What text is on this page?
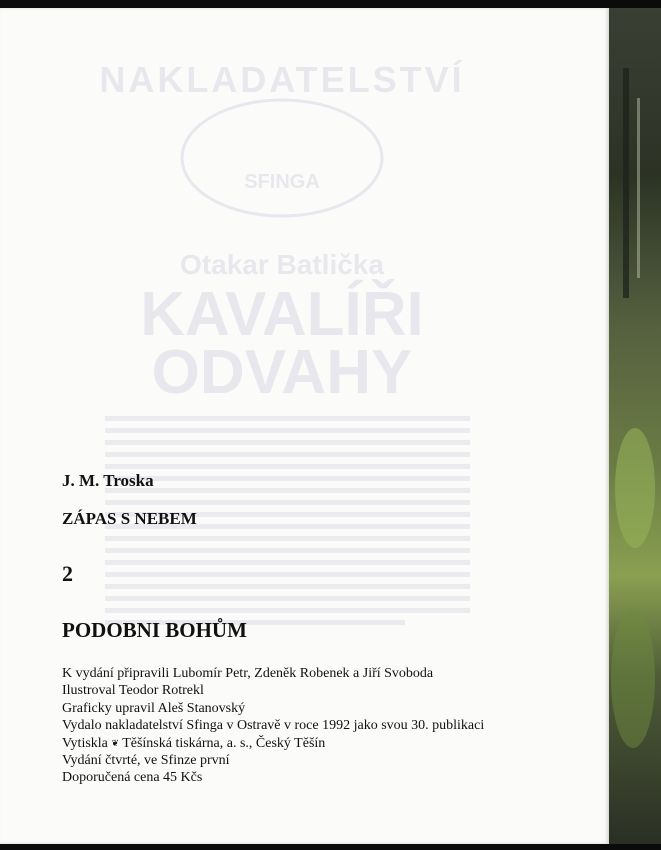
NAKLADATELSTVÍ
SFINGA
Otakar Batlička
KAVALÍŘI
ODVAHY
J. M. Troska
ZÁPAS S NEBEM
2
PODOBNI BOHŮM
K vydání připravili Lubomír Petr, Zdeněk Robenek a Jiří Svoboda
Ilustroval Teodor Rotrekl
Graficky upravil Aleš Stanovský
Vydalo nakladatelství Sfinga v Ostravě v roce 1992 jako svou 30. publikaci
Vytiskla ❦ Těšínská tiskárna, a. s., Český Těšín
Vydání čtvrté, ve Sfinze první
Doporučená cena 45 Kčs
